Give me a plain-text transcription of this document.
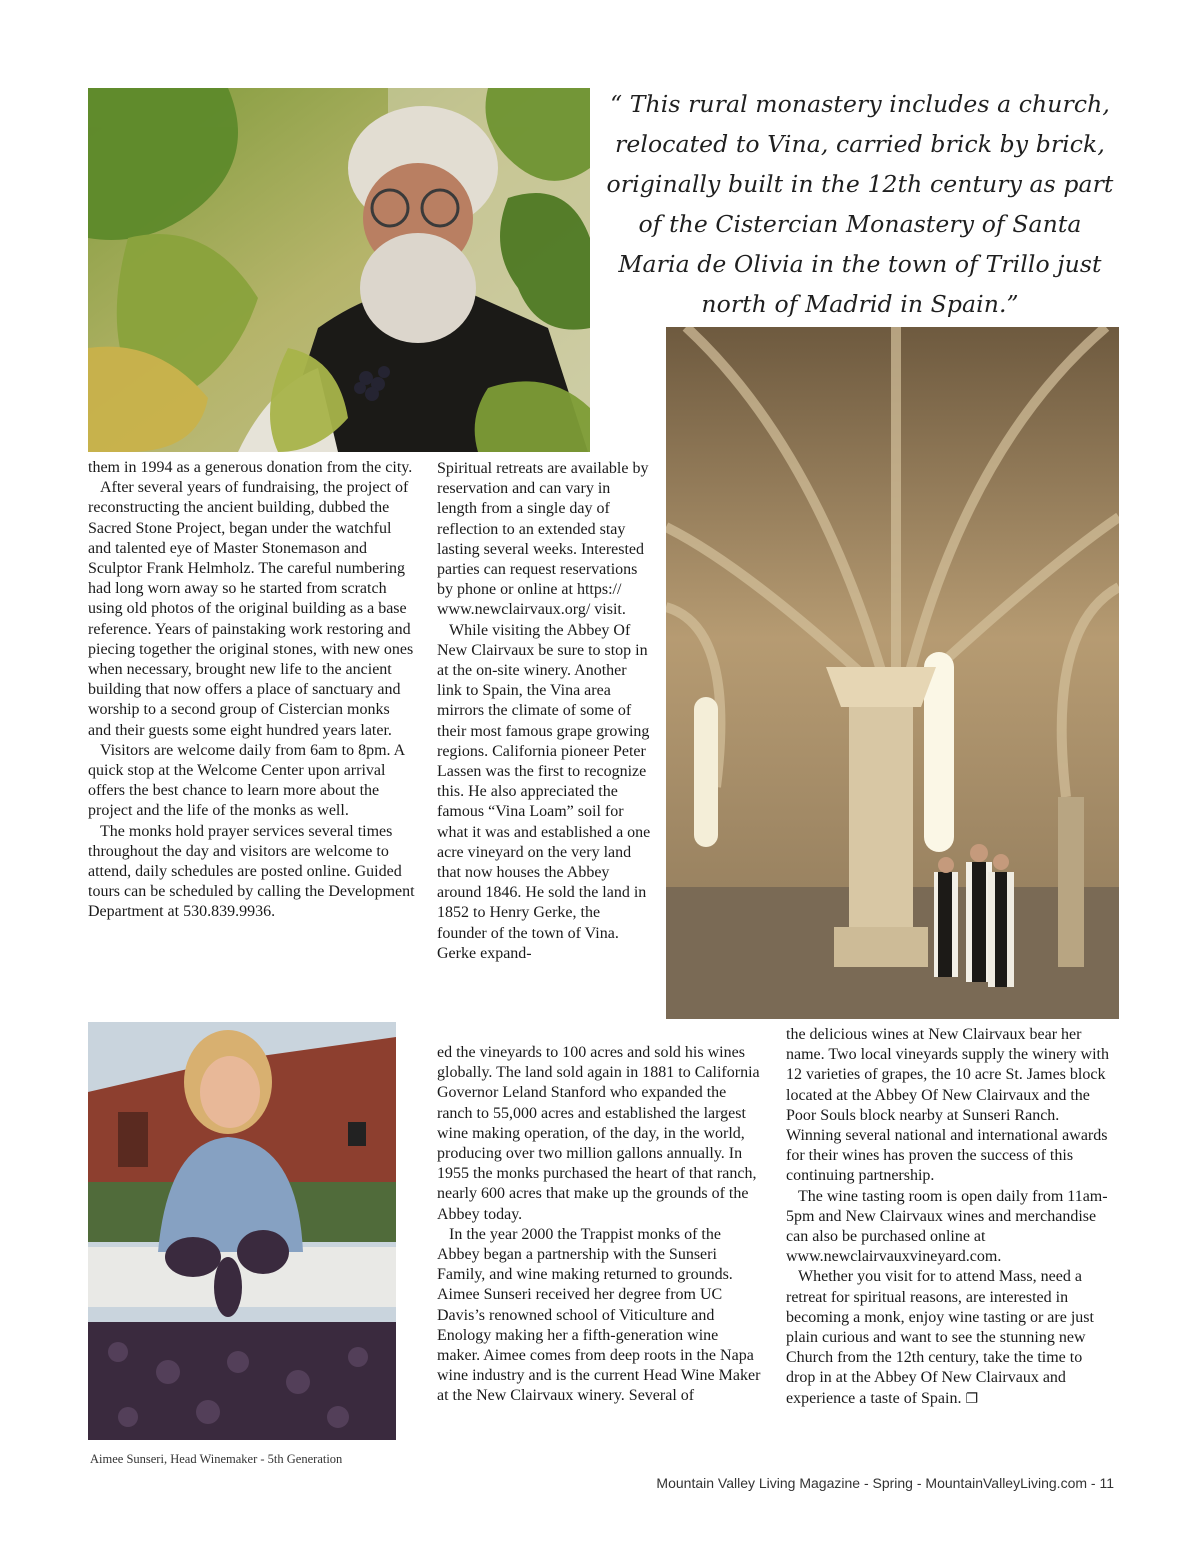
“ This rural monastery includes a church, relocated to Vina, carried brick by brick, originally built in the 12th century as part of the Cistercian Monastery of Santa Maria de Olivia in the town of Trillo just north of Madrid in Spain.”

Aimee Sunseri, Head Winemaker - 5th Generation

them in 1994 as a generous donation from the city.

After several years of fundraising, the project of reconstructing the ancient building, dubbed the Sacred Stone Project, began under the watchful and talented eye of Master Stonemason and Sculptor Frank Helmholz. The careful numbering had long worn away so he started from scratch using old photos of the original building as a base reference. Years of painstaking work restoring and piecing together the original stones, with new ones when necessary, brought new life to the ancient building that now offers a place of sanctuary and worship to a second group of Cistercian monks and their guests some eight hundred years later.

Visitors are welcome daily from 6am to 8pm. A quick stop at the Welcome Center upon arrival offers the best chance to learn more about the project and the life of the monks as well.

The monks hold prayer services several times throughout the day and visitors are welcome to attend, daily schedules are posted online. Guided tours can be scheduled by calling the Development Department at 530.839.9936.

Spiritual retreats are available by reservation and can vary in length from a single day of reflection to an extended stay lasting several weeks. Interested parties can request reservations by phone or online at https:// www.newclairvaux.org/ visit.

While visiting the Abbey Of New Clairvaux be sure to stop in at the on-site winery. Another link to Spain, the Vina area mirrors the climate of some of their most famous grape growing regions. California pioneer Peter Lassen was the first to recognize this. He also appreciated the famous “Vina Loam” soil for what it was and established a one acre vineyard on the very land that now houses the Abbey around 1846. He sold the land in 1852 to Henry Gerke, the founder of the town of Vina. Gerke expand-

ed the vineyards to 100 acres and sold his wines globally. The land sold again in 1881 to California Governor Leland Stanford who expanded the ranch to 55,000 acres and established the largest wine making operation, of the day, in the world, producing over two million gallons annually. In 1955 the monks purchased the heart of that ranch, nearly 600 acres that make up the grounds of the Abbey today.

In the year 2000 the Trappist monks of the Abbey began a partnership with the Sunseri Family, and wine making returned to grounds. Aimee Sunseri received her degree from UC Davis’s renowned school of Viticulture and Enology making her a fifth-generation wine maker. Aimee comes from deep roots in the Napa wine industry and is the current Head Wine Maker at the New Clairvaux winery. Several of

the delicious wines at New Clairvaux bear her name. Two local vineyards supply the winery with 12 varieties of grapes, the 10 acre St. James block located at the Abbey Of New Clairvaux and the Poor Souls block nearby at Sunseri Ranch. Winning several national and international awards for their wines has proven the success of this continuing partnership.

The wine tasting room is open daily from 11am-5pm and New Clairvaux wines and merchandise can also be purchased online at www.newclairvauxvineyard.com.

Whether you visit for to attend Mass, need a retreat for spiritual reasons, are interested in becoming a monk, enjoy wine tasting or are just plain curious and want to see the stunning new Church from the 12th century, take the time to drop in at the Abbey Of New Clairvaux and experience a taste of Spain. ❐

Mountain Valley Living Magazine - Spring - MountainValleyLiving.com - 11
